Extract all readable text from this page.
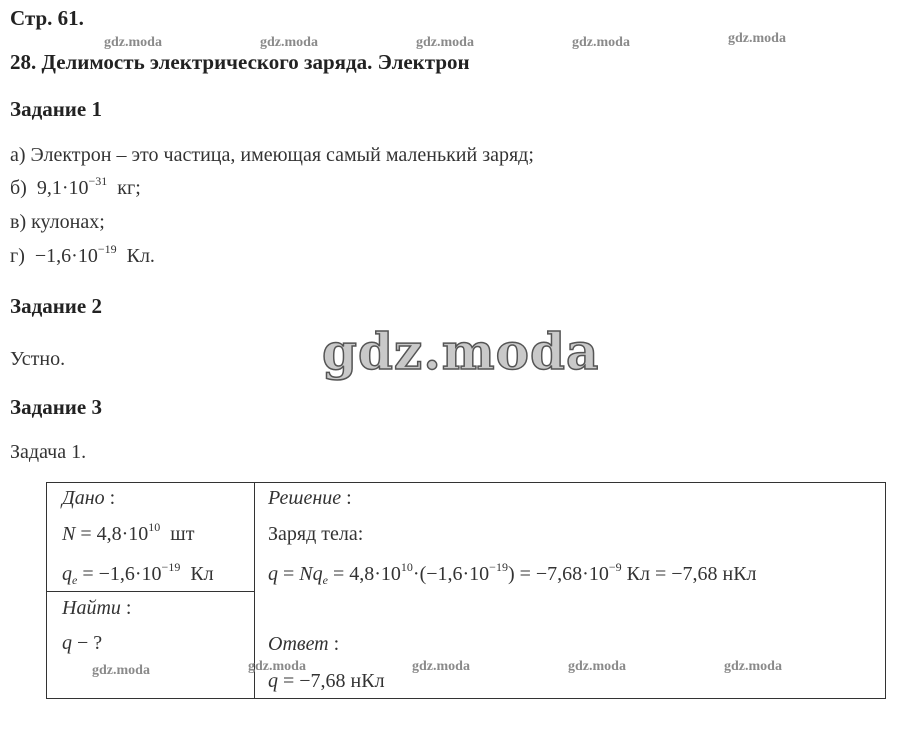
Стр. 61.
28. Делимость электрического заряда. Электрон
gdz.moda	gdz.moda	gdz.moda	gdz.moda	gdz.moda
Задание 1
а) Электрон – это частица, имеющая самый маленький заряд;
б) $9,1\cdot 10^{-31}$ кг;
в) кулонах;
$г) -1,6\cdot 10^{-19}$ Кл.
Задание 2
Устно.	gdz.moda
Задание 3
Задача 1.
Дано :
$N = 4,8\cdot 10^{10}$ шт
$q_e = -1,6\cdot 10^{-19}$ Кл
Найти :
q − ?
Решение :
Заряд тела:
$q = Nq_e = 4,8\cdot 10^{10}\cdot(-1,6\cdot 10^{-19}) = -7,68\cdot 10^{-9}$ Кл = −7,68 нКл
Ответ :
q = −7,68 нКл
gdz.moda	gdz.moda	gdz.moda	gdz.moda	gdz.moda
